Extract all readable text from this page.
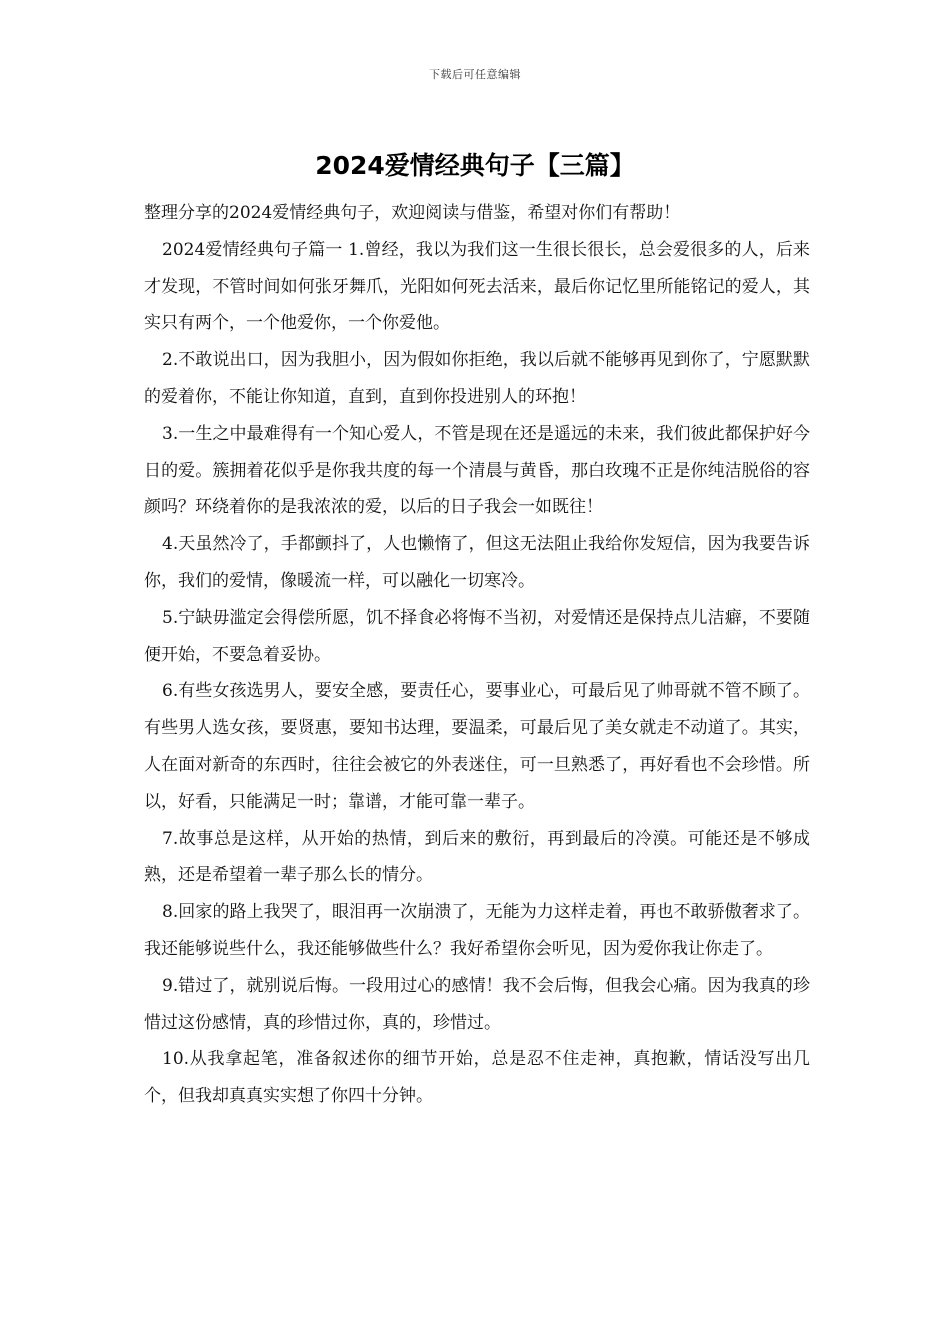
下载后可任意编辑
2024爱情经典句子【三篇】

整理分享的2024爱情经典句子，欢迎阅读与借鉴，希望对你们有帮助！

2024爱情经典句子篇一 1.曾经，我以为我们这一生很长很长，总会爱很多的人，后来才发现，不管时间如何张牙舞爪，光阳如何死去活来，最后你记忆里所能铭记的爱人，其实只有两个，一个他爱你，一个你爱他。

2.不敢说出口，因为我胆小，因为假如你拒绝，我以后就不能够再见到你了，宁愿默默的爱着你，不能让你知道，直到，直到你投进别人的环抱！

3.一生之中最难得有一个知心爱人，不管是现在还是遥远的未来，我们彼此都保护好今日的爱。簇拥着花似乎是你我共度的每一个清晨与黄昏，那白玫瑰不正是你纯洁脱俗的容颜吗？环绕着你的是我浓浓的爱，以后的日子我会一如既往！

4.天虽然冷了，手都颤抖了，人也懒惰了，但这无法阻止我给你发短信，因为我要告诉你，我们的爱情，像暖流一样，可以融化一切寒冷。

5.宁缺毋滥定会得偿所愿，饥不择食必将悔不当初，对爱情还是保持点儿洁癖，不要随便开始，不要急着妥协。

6.有些女孩选男人，要安全感，要责任心，要事业心，可最后见了帅哥就不管不顾了。有些男人选女孩，要贤惠，要知书达理，要温柔，可最后见了美女就走不动道了。其实，人在面对新奇的东西时，往往会被它的外表迷住，可一旦熟悉了，再好看也不会珍惜。所以，好看，只能满足一时；靠谱，才能可靠一辈子。

7.故事总是这样，从开始的热情，到后来的敷衍，再到最后的冷漠。可能还是不够成熟，还是希望着一辈子那么长的情分。

8.回家的路上我哭了，眼泪再一次崩溃了，无能为力这样走着，再也不敢骄傲奢求了。我还能够说些什么，我还能够做些什么？我好希望你会听见，因为爱你我让你走了。

9.错过了，就别说后悔。一段用过心的感情！我不会后悔，但我会心痛。因为我真的珍惜过这份感情，真的珍惜过你，真的，珍惜过。

10.从我拿起笔，准备叙述你的细节开始，总是忍不住走神，真抱歉，情话没写出几个，但我却真真实实想了你四十分钟。
